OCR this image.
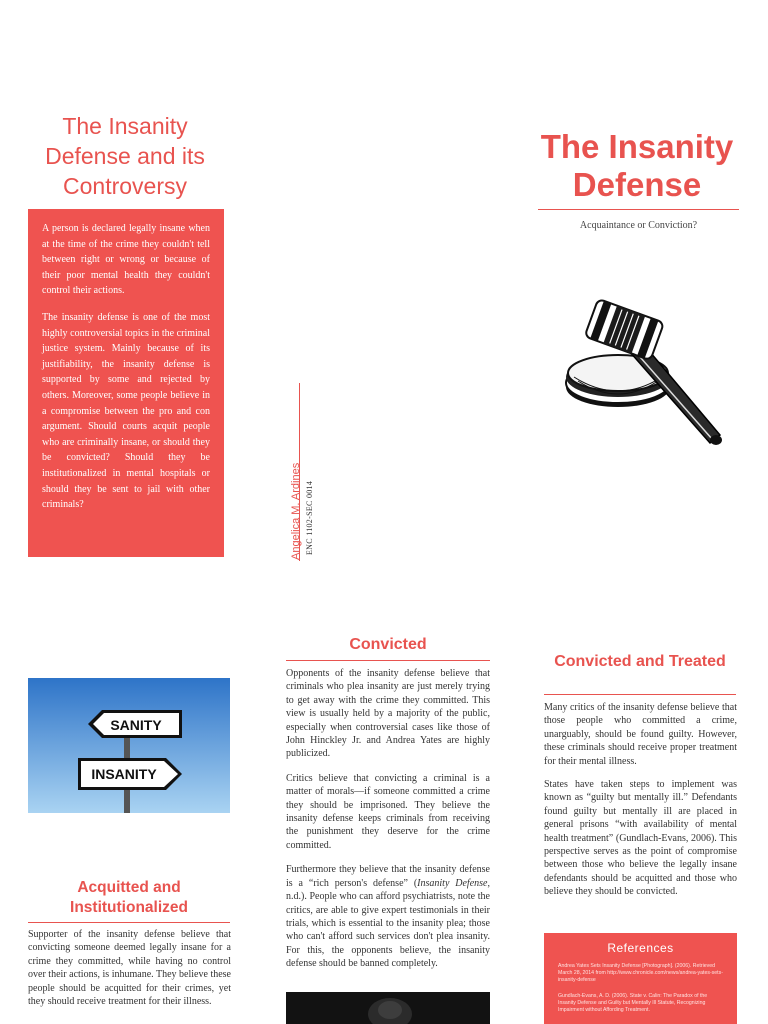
The Insanity Defense and its Controversy

A person is declared legally insane when at the time of the crime they couldn't tell between right or wrong or because of their poor mental health they couldn't control their actions.

The insanity defense is one of the most highly controversial topics in the criminal justice system. Mainly because of its justifiability, the insanity defense is supported by some and rejected by others. Moreover, some people believe in a compromise between the pro and con argument. Should courts acquit people who are criminally insane, or should they be convicted? Should they be institutionalized in mental hospitals or should they be sent to jail with other criminals?	Angelica M. Ardines ENC 1102-SEC 0014
The Insanity Defense
Acquaintance or Conviction?
SANITY
INSANITY
Acquitted and Institutionalized

Supporter of the insanity defense believe that convicting someone deemed legally insane for a crime they committed, while having no control over their actions, is inhumane. They believe these people should be acquitted for their crimes, yet they should receive treatment for their illness.

Convicted

Opponents of the insanity defense believe that criminals who plea insanity are just merely trying to get away with the crime they committed. This view is usually held by a majority of the public, especially when controversial cases like those of John Hinckley Jr. and Andrea Yates are highly publicized.

Critics believe that convicting a criminal is a matter of morals—if someone committed a crime they should be imprisoned. They believe the insanity defense keeps criminals from receiving the punishment they deserve for the crime committed.

Furthermore they believe that the insanity defense is a “rich person's defense” (Insanity Defense, n.d.). People who can afford psychiatrists, note the critics, are able to give expert testimonials in their trials, which is essential to the insanity plea; those who can't afford such services don't plea insanity. For this, the opponents believe, the insanity defense should be banned completely.

Convicted and Treated

Many critics of the insanity defense believe that those people who committed a crime, unarguably, should be found guilty. However, these criminals should receive proper treatment for their mental illness.

States have taken steps to implement was known as “guilty but mentally ill.” Defendants found guilty but mentally ill are placed in general prisons “with availability of mental health treatment” (Gundlach-Evans, 2006). This perspective serves as the point of compromise between those who believe the legally insane defendants should be acquitted and those who believe they should be convicted.

References

Andrea Yates Sets Insanity Defense [Photograph]. (2006). Retrieved March 28, 2014 from http://www.chronicle.com/news/andrea-yates-sets-insanity-defense

Gundlach-Evans, A. D. (2006). State v. Calin: The Paradox of the Insanity Defense and Guilty but Mentally Ill Statute, Recognizing Impairment without Affording Treatment.
